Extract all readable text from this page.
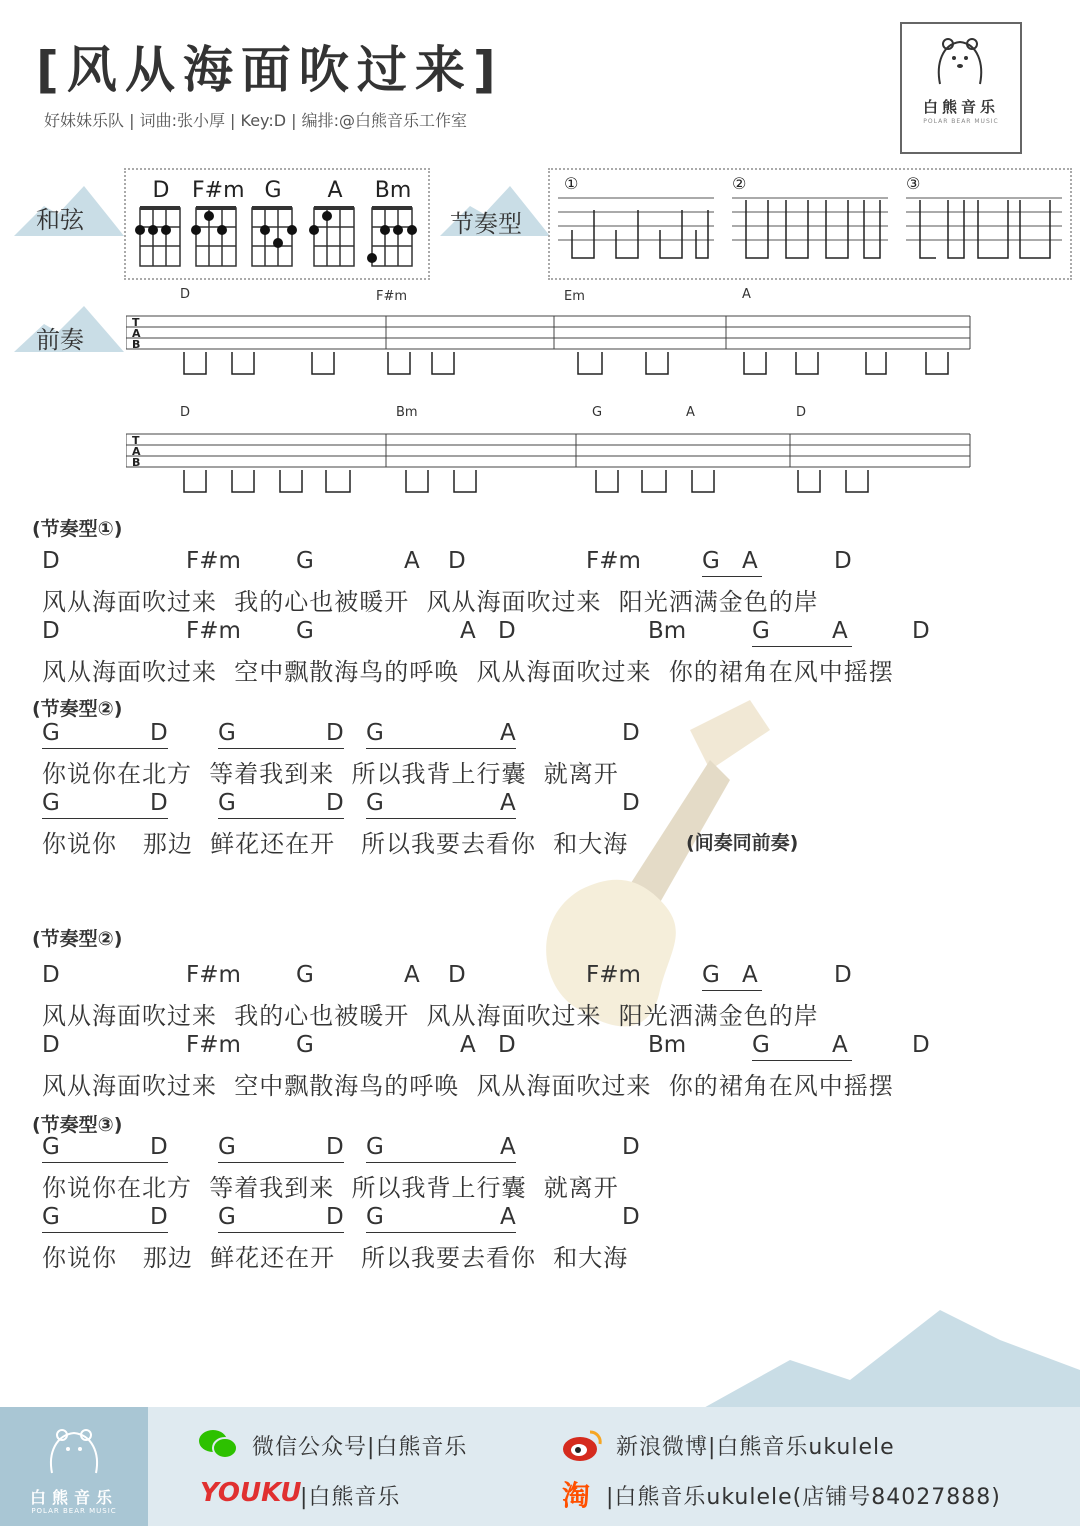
[风从海面吹过来]
好妹妹乐队 | 词曲:张小厚 | Key:D | 编排:@白熊音乐工作室
白熊音乐
POLAR BEAR MUSIC
和弦	节奏型
前奏
D	F#m G	A	Bm	①	②	③
D	F#m	Em	A
T
A
B
D	Bm	G	A	D
T
A
B
(节奏型①)
D	F#m G	A D	F#m	G A	D
风从海面吹过来  我的心也被暖开  风从海面吹过来  阳光洒满金色的岸
D	F#m G	A D	Bm	G	A	D
风从海面吹过来  空中飘散海鸟的呼唤  风从海面吹过来  你的裙角在风中摇摆
(节奏型②)
G	D G	D G	A	D
你说你在北方  等着我到来  所以我背上行囊  就离开
G	D G	D G	A	D
你说你   那边  鲜花还在开   所以我要去看你  和大海	(间奏同前奏)
(节奏型②)
D	F#m G	A D	F#m	G A	D
风从海面吹过来  我的心也被暖开  风从海面吹过来  阳光洒满金色的岸
D	F#m G	A D	Bm	G	A	D
风从海面吹过来  空中飘散海鸟的呼唤  风从海面吹过来  你的裙角在风中摇摆
(节奏型③)
G	D G	D G	A	D
你说你在北方  等着我到来  所以我背上行囊  就离开
G	D G	D G	A	D
你说你   那边  鲜花还在开   所以我要去看你  和大海
白熊音乐
POLAR BEAR MUSIC
微信公众号|白熊音乐	新浪微博|白熊音乐ukulele
YOUKU
|白熊音乐	淘 |白熊音乐ukulele(店铺号84027888)
